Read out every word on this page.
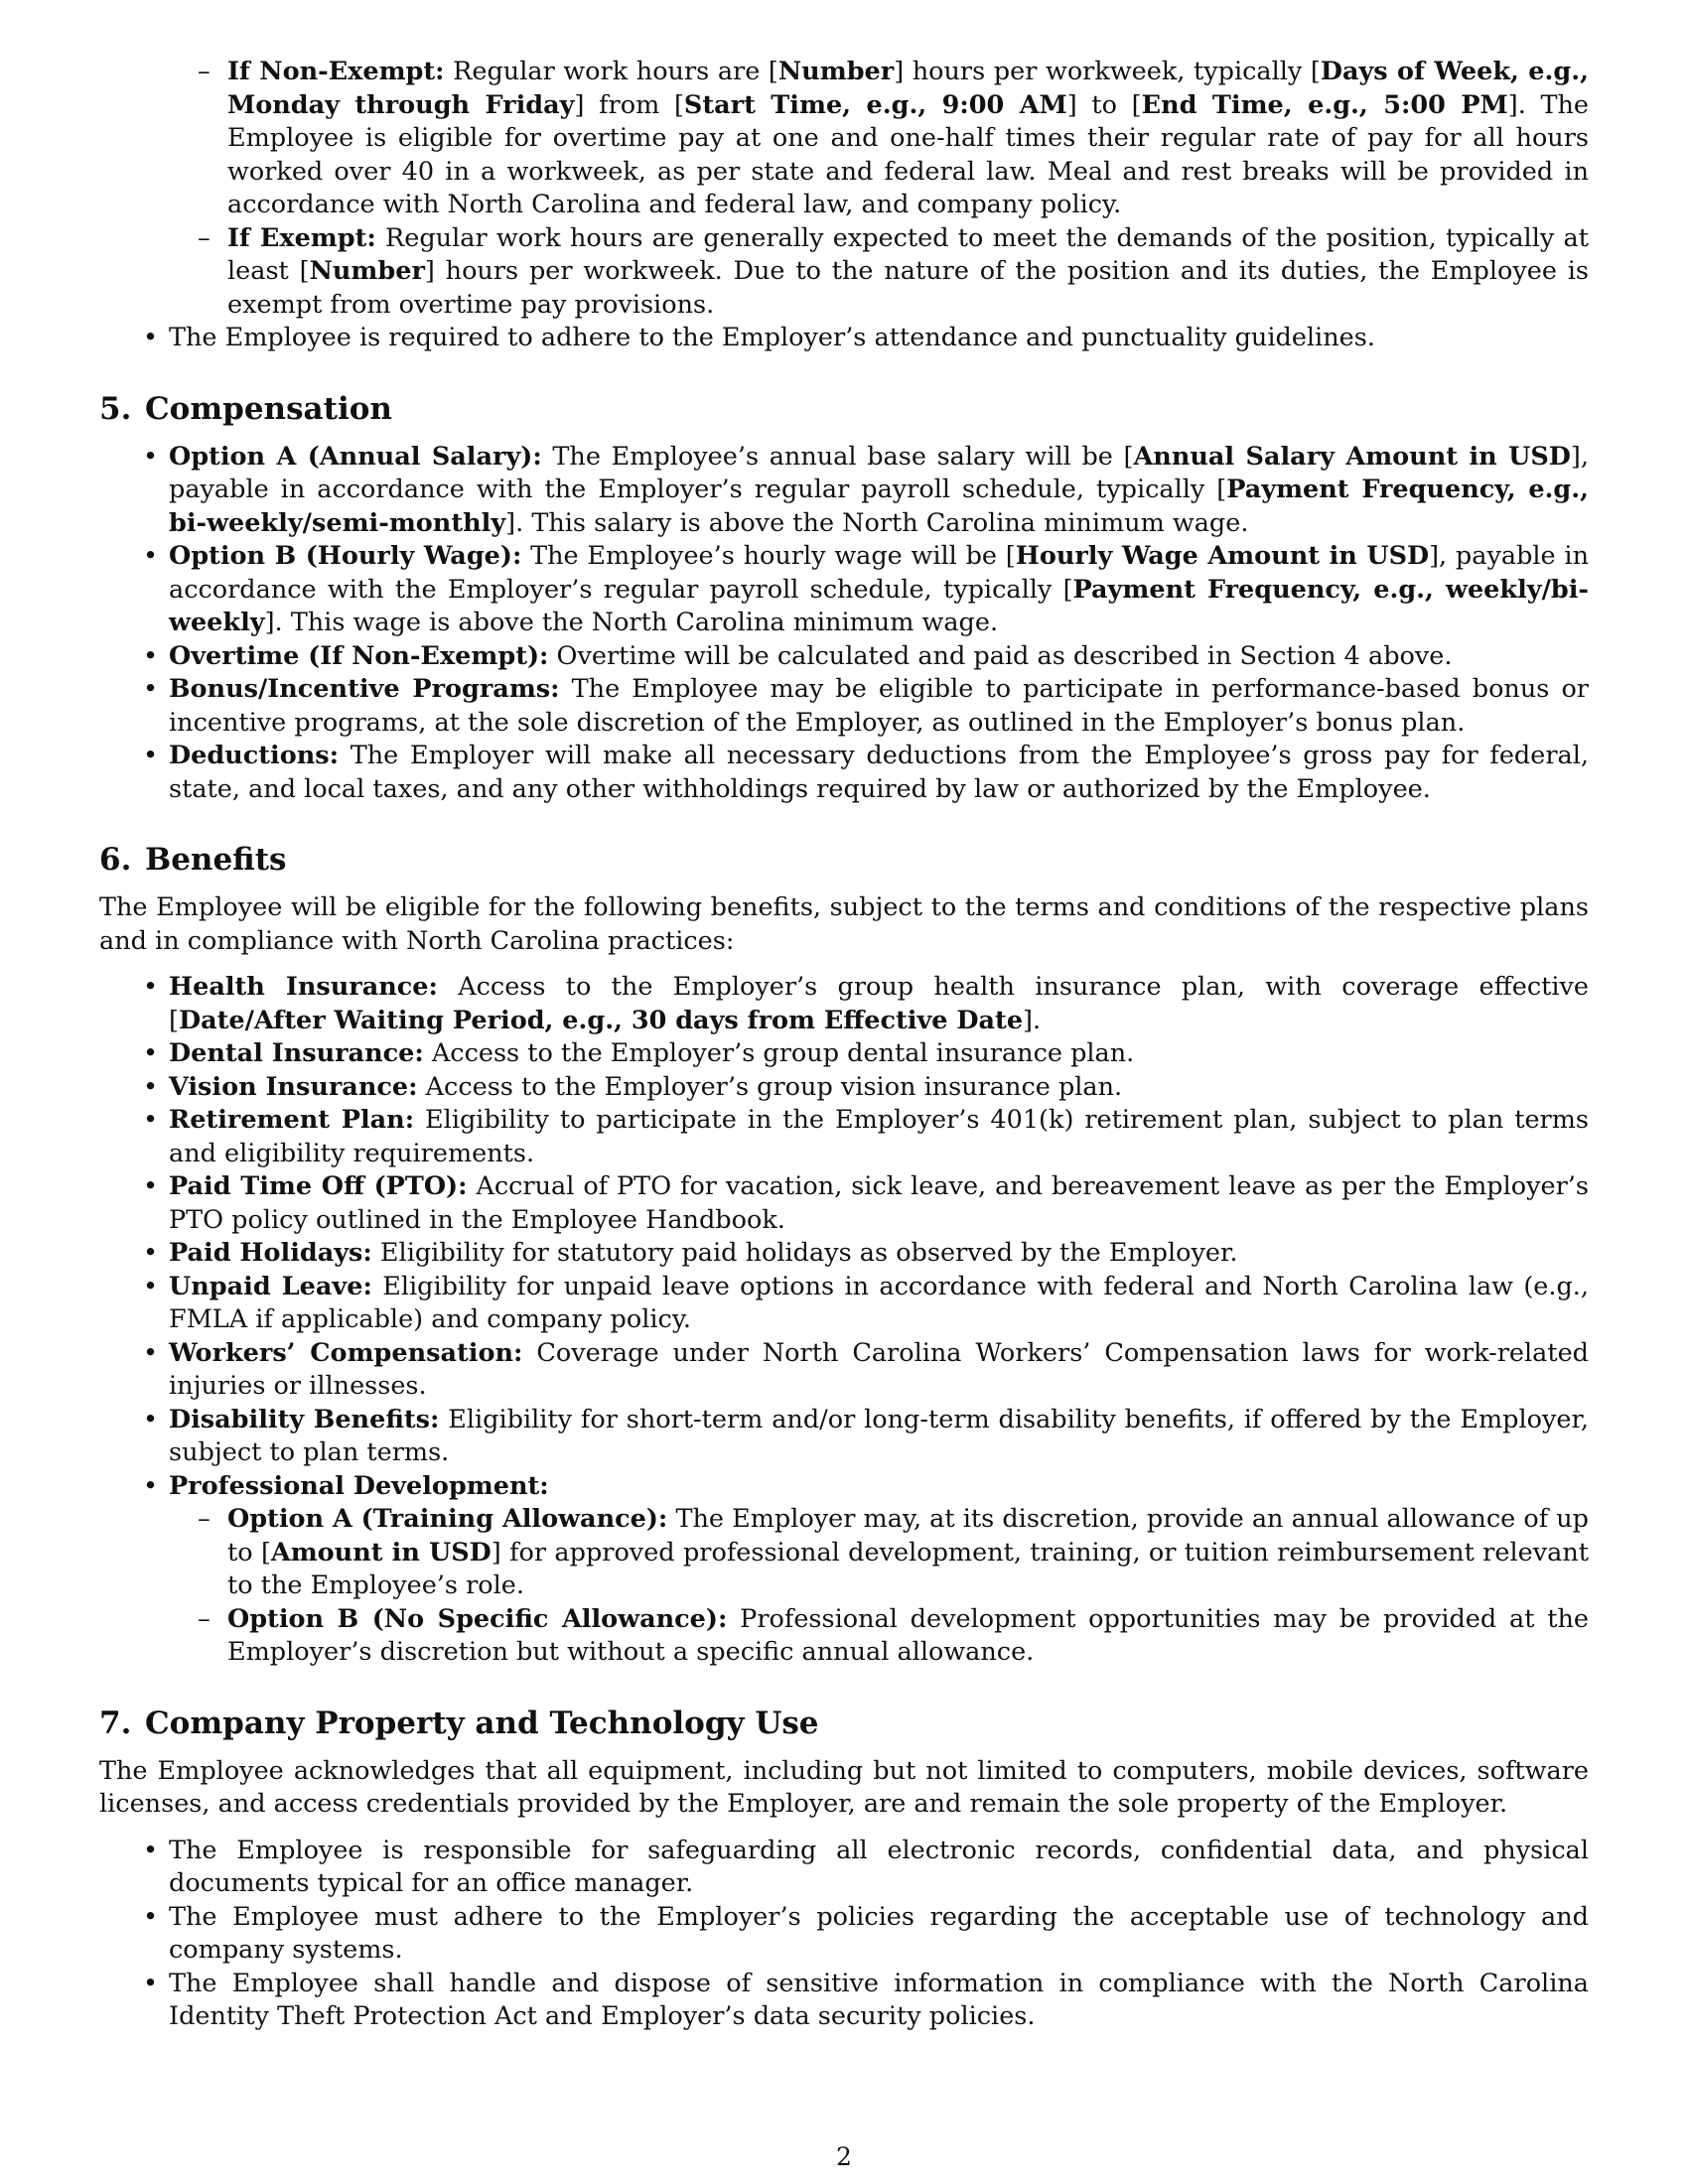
– If Non-Exempt: Regular work hours are [Number] hours per workweek, typically [Days of Week, e.g., Monday through Friday] from [Start Time, e.g., 9:00 AM] to [End Time, e.g., 5:00 PM]. The Employee is eligible for overtime pay at one and one-half times their regular rate of pay for all hours worked over 40 in a workweek, as per state and federal law. Meal and rest breaks will be provided in accordance with North Carolina and federal law, and company policy.
– If Exempt: Regular work hours are generally expected to meet the demands of the position, typically at least [Number] hours per workweek. Due to the nature of the position and its duties, the Employee is exempt from overtime pay provisions.
• The Employee is required to adhere to the Employer’s attendance and punctuality guidelines.
5. Compensation
• Option A (Annual Salary): The Employee’s annual base salary will be [Annual Salary Amount in USD], payable in accordance with the Employer’s regular payroll schedule, typically [Payment Frequency, e.g., bi-weekly/semi-monthly]. This salary is above the North Carolina minimum wage.
• Option B (Hourly Wage): The Employee’s hourly wage will be [Hourly Wage Amount in USD], payable in accordance with the Employer’s regular payroll schedule, typically [Payment Frequency, e.g., weekly/bi-weekly]. This wage is above the North Carolina minimum wage.
• Overtime (If Non-Exempt): Overtime will be calculated and paid as described in Section 4 above.
• Bonus/Incentive Programs: The Employee may be eligible to participate in performance-based bonus or incentive programs, at the sole discretion of the Employer, as outlined in the Employer’s bonus plan.
• Deductions: The Employer will make all necessary deductions from the Employee’s gross pay for federal, state, and local taxes, and any other withholdings required by law or authorized by the Employee.
6. Benefits

The Employee will be eligible for the following benefits, subject to the terms and conditions of the respective plans and in compliance with North Carolina practices:

• Health Insurance: Access to the Employer’s group health insurance plan, with coverage effective [Date/After Waiting Period, e.g., 30 days from Effective Date].
• Dental Insurance: Access to the Employer’s group dental insurance plan.
• Vision Insurance: Access to the Employer’s group vision insurance plan.
• Retirement Plan: Eligibility to participate in the Employer’s 401(k) retirement plan, subject to plan terms and eligibility requirements.
• Paid Time Off (PTO): Accrual of PTO for vacation, sick leave, and bereavement leave as per the Employer’s PTO policy outlined in the Employee Handbook.
• Paid Holidays: Eligibility for statutory paid holidays as observed by the Employer.
• Unpaid Leave: Eligibility for unpaid leave options in accordance with federal and North Carolina law (e.g., FMLA if applicable) and company policy.
• Workers’ Compensation: Coverage under North Carolina Workers’ Compensation laws for work-related injuries or illnesses.
• Disability Benefits: Eligibility for short-term and/or long-term disability benefits, if offered by the Employer, subject to plan terms.
• Professional Development:
– Option A (Training Allowance): The Employer may, at its discretion, provide an annual allowance of up to [Amount in USD] for approved professional development, training, or tuition reimbursement relevant to the Employee’s role.
– Option B (No Specific Allowance): Professional development opportunities may be provided at the Employer’s discretion but without a specific annual allowance.
7. Company Property and Technology Use

The Employee acknowledges that all equipment, including but not limited to computers, mobile devices, software licenses, and access credentials provided by the Employer, are and remain the sole property of the Employer.

• The Employee is responsible for safeguarding all electronic records, confidential data, and physical documents typical for an office manager.
• The Employee must adhere to the Employer’s policies regarding the acceptable use of technology and company systems.
• The Employee shall handle and dispose of sensitive information in compliance with the North Carolina Identity Theft Protection Act and Employer’s data security policies.
2
